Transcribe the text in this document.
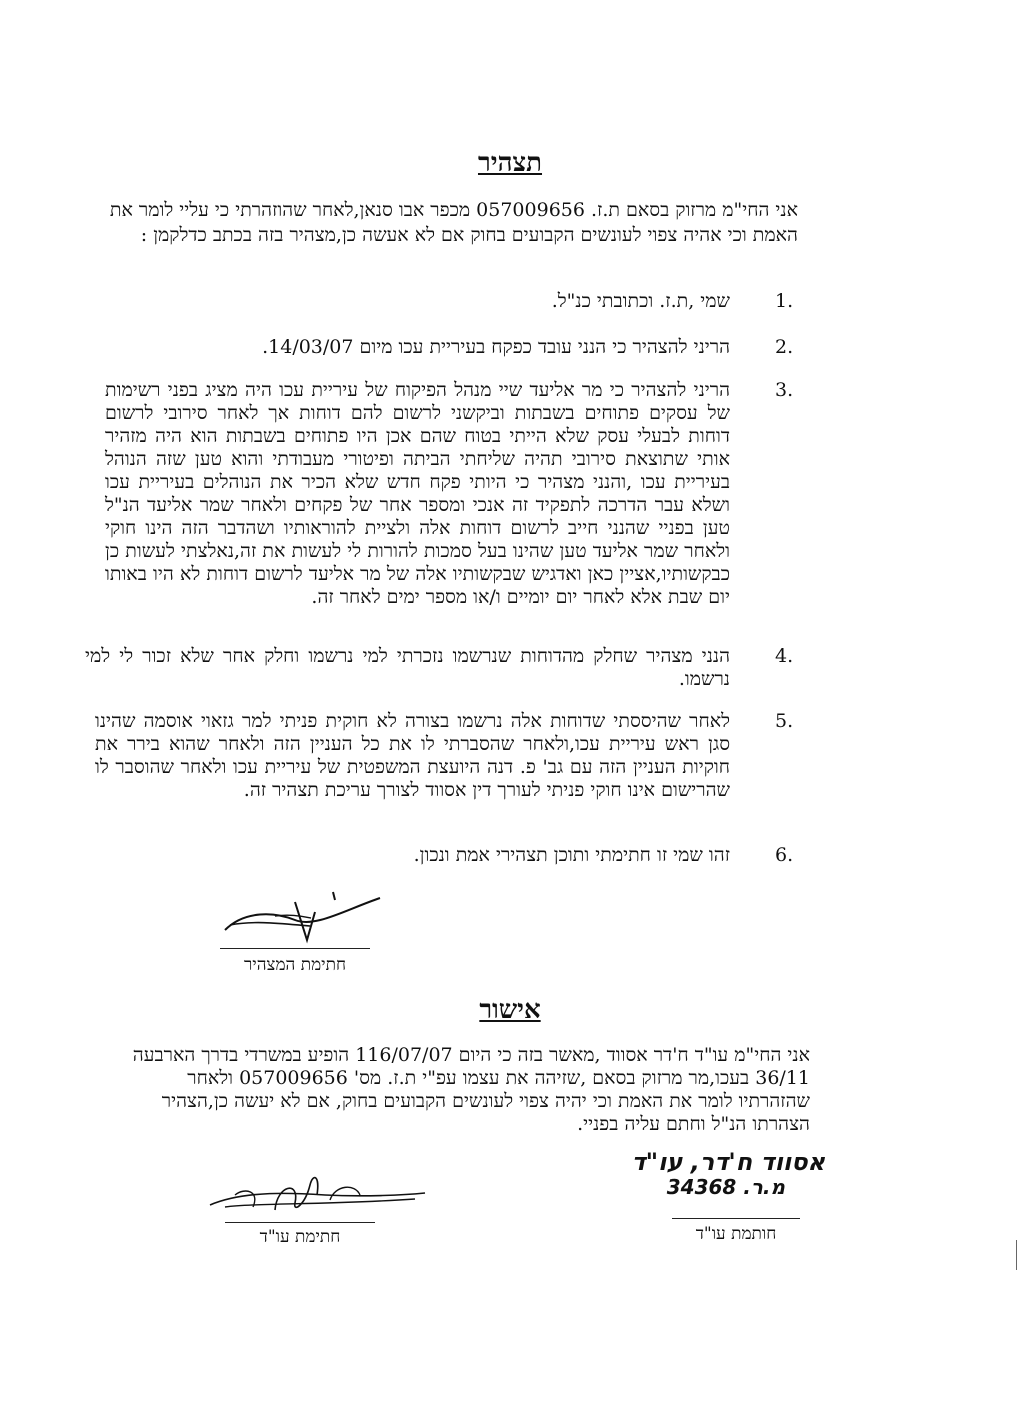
תצהיר
אני החי"מ מרזוק בסאם ת.ז. 057009656 מכפר אבו סנאן,לאחר שהוזהרתי כי עליי לומר את האמת וכי אהיה צפוי לעונשים הקבועים בחוק אם לא אעשה כן,מצהיר בזה בכתב כדלקמן :
1.
שמי ,ת.ז. וכתובתי כנ"ל.
2.
הריני להצהיר כי הנני עובד כפקח בעיריית עכו מיום 14/03/07.
3.
הריני להצהיר כי מר אליעד שיי מנהל הפיקוח של עיריית עכו היה מציג בפני רשימות של עסקים פתוחים בשבתות וביקשני לרשום להם דוחות אך לאחר סירובי לרשום דוחות לבעלי עסק שלא הייתי בטוח שהם אכן היו פתוחים בשבתות הוא היה מזהיר אותי שתוצאת סירובי תהיה שליחתי הביתה ופיטורי מעבודתי והוא טען שזה הנוהל בעיריית עכו ,והנני מצהיר כי היותי פקח חדש שלא הכיר את הנוהלים בעיריית עכו ושלא עבר הדרכה לתפקיד זה אנכי ומספר אחר של פקחים ולאחר שמר אליעד הנ"ל טען בפניי שהנני חייב לרשום דוחות אלה ולציית להוראותיו ושהדבר הזה הינו חוקי ולאחר שמר אליעד טען שהינו בעל סמכות להורות לי לעשות את זה,נאלצתי לעשות כן כבקשותיו,אציין כאן ואדגיש שבקשותיו אלה של מר אליעד לרשום דוחות לא היו באותו יום שבת אלא לאחר יום יומיים ו/או מספר ימים לאחר זה.
4.
הנני מצהיר שחלק מהדוחות שנרשמו נזכרתי למי נרשמו וחלק אחר שלא זכור לי למי נרשמו.
5.
לאחר שהיססתי שדוחות אלה נרשמו בצורה לא חוקית פניתי למר גזאוי אוסמה שהינו סגן ראש עיריית עכו,ולאחר שהסברתי לו את כל העניין הזה ולאחר שהוא בירר את חוקיות העניין הזה עם גב' פ. דנה היועצת המשפטית של עיריית עכו ולאחר שהוסבר לו שהרישום אינו חוקי פניתי לעורך דין אסווד לצורך עריכת תצהיר זה.
6.
זהו שמי זו חתימתי ותוכן תצהירי אמת ונכון.
חתימת המצהיר
אישור
אני החי"מ עו"ד ח'דר אסווד ,מאשר בזה כי היום 116/07/07 הופיע במשרדי בדרך הארבעה 36/11 בעכו,מר מרזוק בסאם ,שזיהה את עצמו עפ"י ת.ז. מס' 057009656 ולאחר שהזהרתיו לומר את האמת וכי יהיה צפוי לעונשים הקבועים בחוק, אם לא יעשה כן,הצהיר הצהרתו הנ"ל וחתם עליה בפניי.
אסווד ח'דר, עו"ד
מ.ר. 34368
חתימת עו"ד	חותמת עו"ד
